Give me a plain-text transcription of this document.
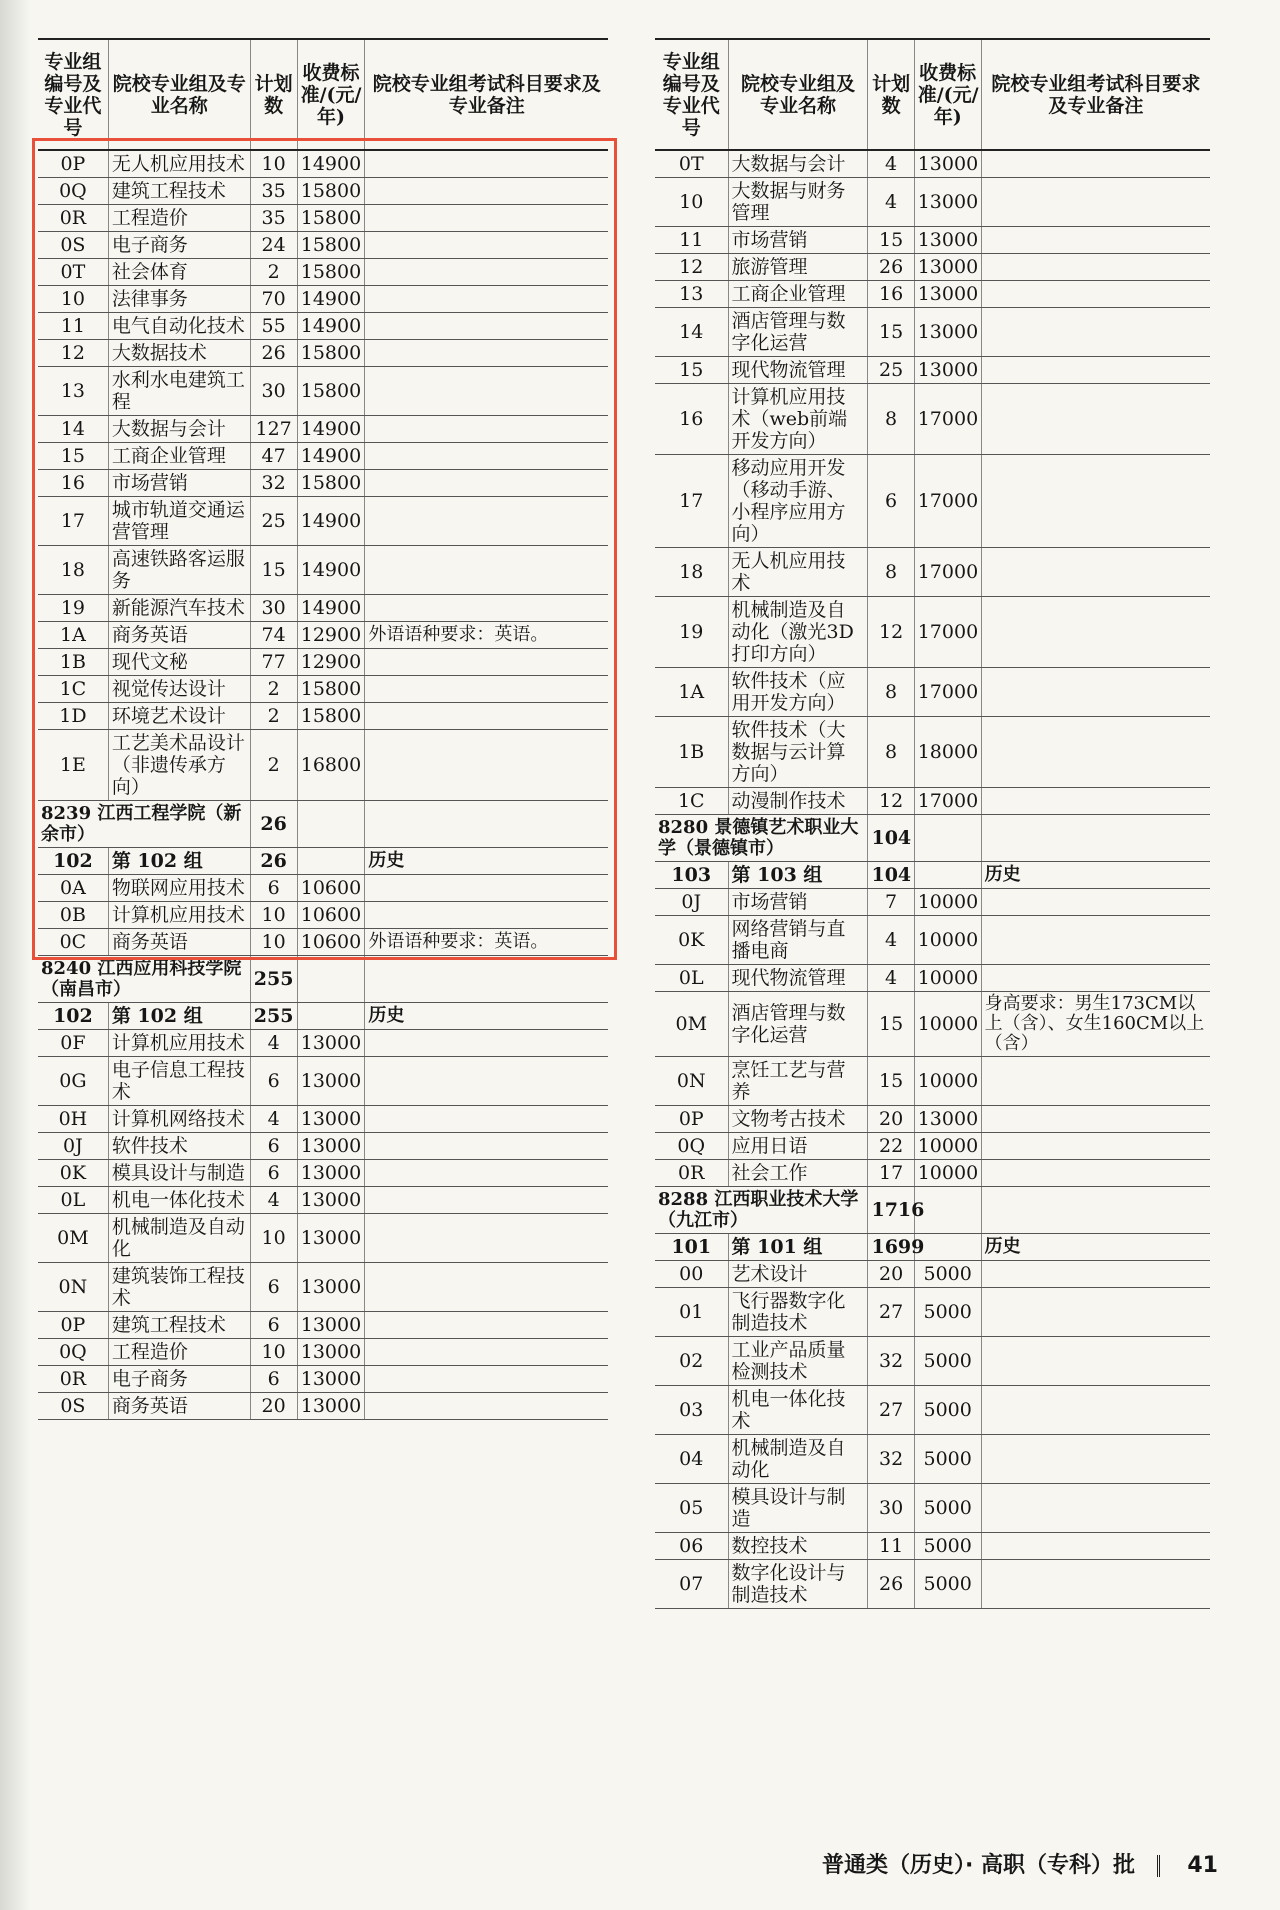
专业组编号及专业代号	院校专业组及专业名称	计划数	收费标准/(元/年)	院校专业组考试科目要求及专业备注
0P	无人机应用技术	10	14900	
0Q	建筑工程技术	35	15800	
0R	工程造价	35	15800	
0S	电子商务	24	15800	
0T	社会体育	2	15800	
10	法律事务	70	14900	
11	电气自动化技术	55	14900	
12	大数据技术	26	15800	
13	水利水电建筑工程	30	15800	
14	大数据与会计	127	14900	
15	工商企业管理	47	14900	
16	市场营销	32	15800	
17	城市轨道交通运营管理	25	14900	
18	高速铁路客运服务	15	14900	
19	新能源汽车技术	30	14900	
1A	商务英语	74	12900	外语语种要求：英语。
1B	现代文秘	77	12900	
1C	视觉传达设计	2	15800	
1D	环境艺术设计	2	15800	
1E	工艺美术品设计（非遗传承方向）	2	16800	
8239 江西工程学院（新余市）		26		
102	第 102 组	26		历史
0A	物联网应用技术	6	10600	
0B	计算机应用技术	10	10600	
0C	商务英语	10	10600	外语语种要求：英语。
8240 江西应用科技学院（南昌市）		255		
102	第 102 组	255		历史
0F	计算机应用技术	4	13000	
0G	电子信息工程技术	6	13000	
0H	计算机网络技术	4	13000	
0J	软件技术	6	13000	
0K	模具设计与制造	6	13000	
0L	机电一体化技术	4	13000	
0M	机械制造及自动化	10	13000	
0N	建筑装饰工程技术	6	13000	
0P	建筑工程技术	6	13000	
0Q	工程造价	10	13000	
0R	电子商务	6	13000	
0S	商务英语	20	13000	
专业组编号及专业代号	院校专业组及专业名称	计划数	收费标准/(元/年)	院校专业组考试科目要求及专业备注
0T	大数据与会计	4	13000	
10	大数据与财务管理	4	13000	
11	市场营销	15	13000	
12	旅游管理	26	13000	
13	工商企业管理	16	13000	
14	酒店管理与数字化运营	15	13000	
15	现代物流管理	25	13000	
16	计算机应用技术（web前端开发方向）	8	17000	
17	移动应用开发（移动手游、小程序应用方向）	6	17000	
18	无人机应用技术	8	17000	
19	机械制造及自动化（激光3D打印方向）	12	17000	
1A	软件技术（应用开发方向）	8	17000	
1B	软件技术（大数据与云计算方向）	8	18000	
1C	动漫制作技术	12	17000	
8280 景德镇艺术职业大学（景德镇市）		104		
103	第 103 组	104		历史
0J	市场营销	7	10000	
0K	网络营销与直播电商	4	10000	
0L	现代物流管理	4	10000	
0M	酒店管理与数字化运营	15	10000	身高要求：男生173CM以上（含）、女生160CM以上（含）
0N	烹饪工艺与营养	15	10000	
0P	文物考古技术	20	13000	
0Q	应用日语	22	10000	
0R	社会工作	17	10000	
8288 江西职业技术大学（九江市）		1716		
101	第 101 组	1699		历史
00	艺术设计	20	5000	
01	飞行器数字化制造技术	27	5000	
02	工业产品质量检测技术	32	5000	
03	机电一体化技术	27	5000	
04	机械制造及自动化	32	5000	
05	模具设计与制造	30	5000	
06	数控技术	11	5000	
07	数字化设计与制造技术	26	5000	
普通类（历史）· 高职（专科）批 41
